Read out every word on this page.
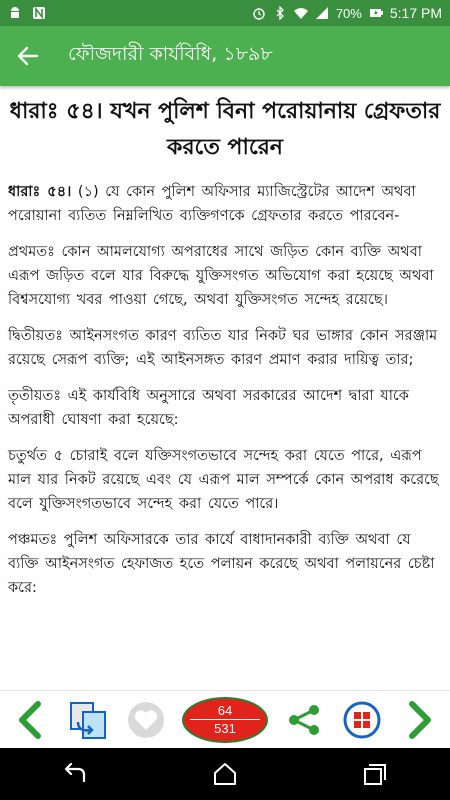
70% 5:17 PM
ফৌজদারী কার্যবিধি, ১৮৯৮
ধারাঃ ৫৪। যখন পুলিশ বিনা পরোয়ানায় গ্রেফতার করতে পারেন

ধারাঃ ৫৪। (১) যে কোন পুলিশ অফিসার ম্যাজিস্ট্রেটের আদেশ অথবা পরোয়ানা ব্যতিত নিম্নলিখিত ব্যক্তিগণকে গ্রেফতার করতে পারবেন-

প্রথমতঃ কোন আমলযোগ্য অপরাধের সাথে জড়িত কোন ব্যক্তি অথবা এরূপ জড়িত বলে যার বিরুদ্ধে যুক্তিসংগত অভিযোগ করা হয়েছে অথবা বিশ্বসযোগ্য খবর পাওয়া গেছে, অথবা যুক্তিসংগত সন্দেহ রয়েছে।

দ্বিতীয়তঃ আইনসংগত কারণ ব্যতিত যার নিকট ঘর ভাঙ্গার কোন সরঞ্জাম রয়েছে সেরূপ ব্যক্তি; এই আইনসঙ্গত কারণ প্রমাণ করার দায়িত্ব তার;

তৃতীয়তঃ এই কার্যবিধি অনুসারে অথবা সরকারের আদেশ দ্বারা যাকে অপরাধী ঘোষণা করা হয়েছে:

চতুর্থত ৫ চোরাই বলে যক্তিসংগতভাবে সন্দেহ করা যেতে পারে, এরূপ মাল যার নিকট রয়েছে এবং যে এরূপ মাল সম্পর্কে কোন অপরাধ করেছে বলে যুক্তিসংগতভাবে সন্দেহ করা যেতে পারে।

পঞ্চমতঃ পুলিশ অফিসারকে তার কার্যে বাধাদানকারী ব্যক্তি অথবা যে ব্যক্তি আইনসংগত হেফাজত হতে পলায়ন করেছে অথবা পলায়নের চেষ্টা করে:

64
531
